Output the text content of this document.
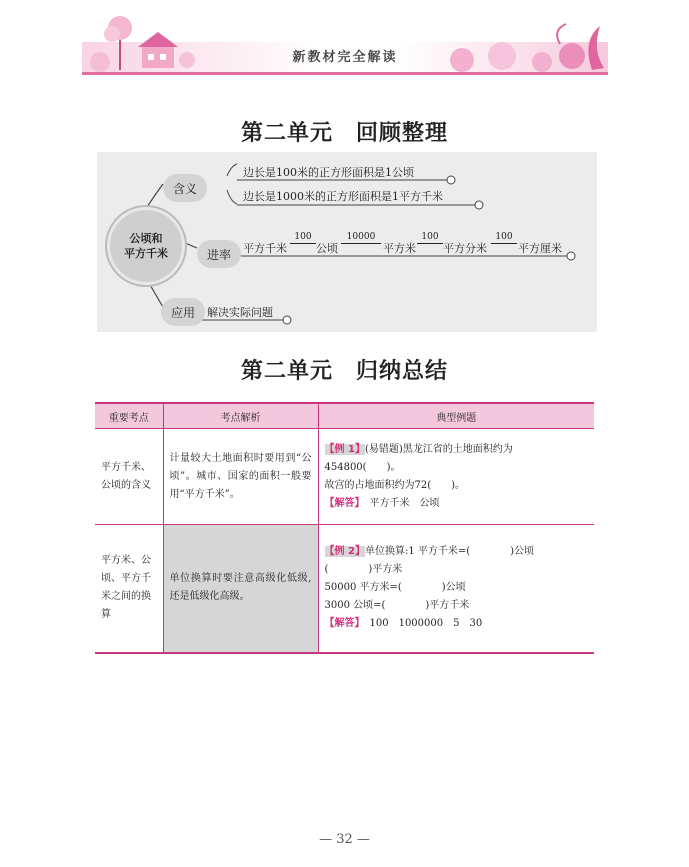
新教材完全解读
第二单元　回顾整理
公顷和
平方千米
含义
边长是100米的正方形面积是1公顷
边长是1000米的正方形面积是1平方千米
进率	平方千米
100
公顷
10000
平方米
100
平方分米
100
平方厘米
应用	解决实际问题
第二单元　归纳总结
重要考点	考点解析	典型例题
平方千米、公顷的含义	计量较大土地面积时要用到“公顷”。城市、国家的面积一般要用“平方千米”。	【例 1】(易错题)黑龙江省的土地面积约为454800(　　)。
故宫的占地面积约为72(　　)。
【解答】　 平方千米　公顷

平方米、公顷、平方千米之间的换算	单位换算时要注意高级化低级,还是低级化高级。	【例 2】单位换算:1 平方千米=(　　　　)公顷
(　　　　)平方米
50000 平方米=(　　　　)公顷
3000 公顷=(　　　　)平方千米
【解答】　 100　1000000　5　30
— 32 —
